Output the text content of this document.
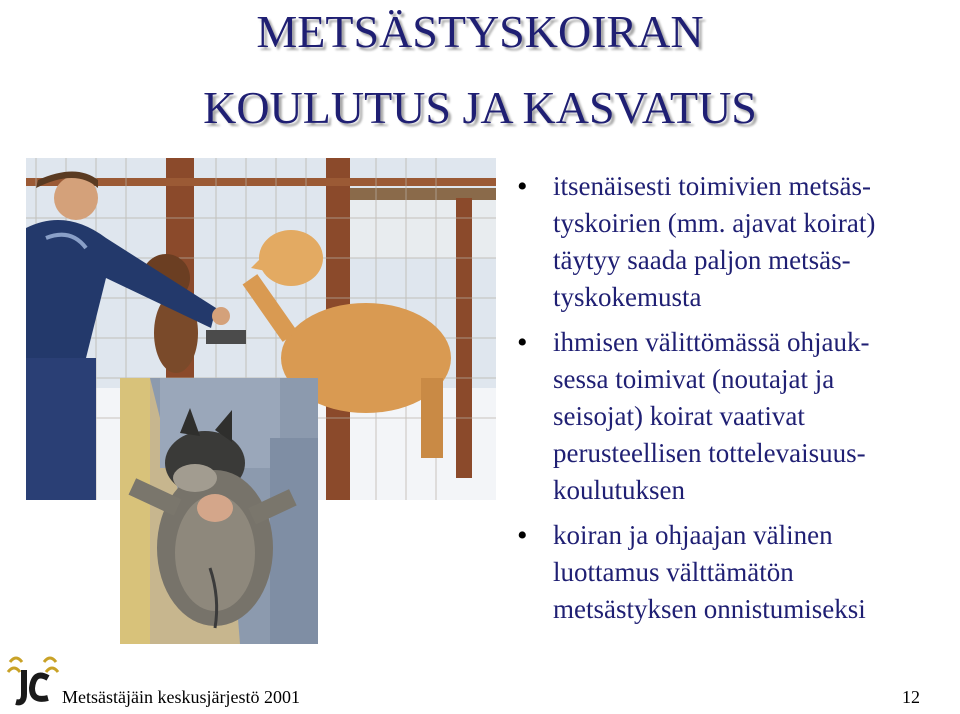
METSÄSTYSKOIRAN
KOULUTUS JA KASVATUS
• itsenäisesti toimivien metsäs-
tyskoirien (mm. ajavat koirat)
täytyy saada paljon metsäs-
tyskokemusta
• ihmisen välittömässä ohjauk-
sessa toimivat (noutajat ja
seisojat) koirat vaativat
perusteellisen tottelevaisuus-
koulutuksen
• koiran ja ohjaajan välinen
luottamus välttämätön
metsästyksen onnistumiseksi
Metsästäjäin keskusjärjestö 2001	12
